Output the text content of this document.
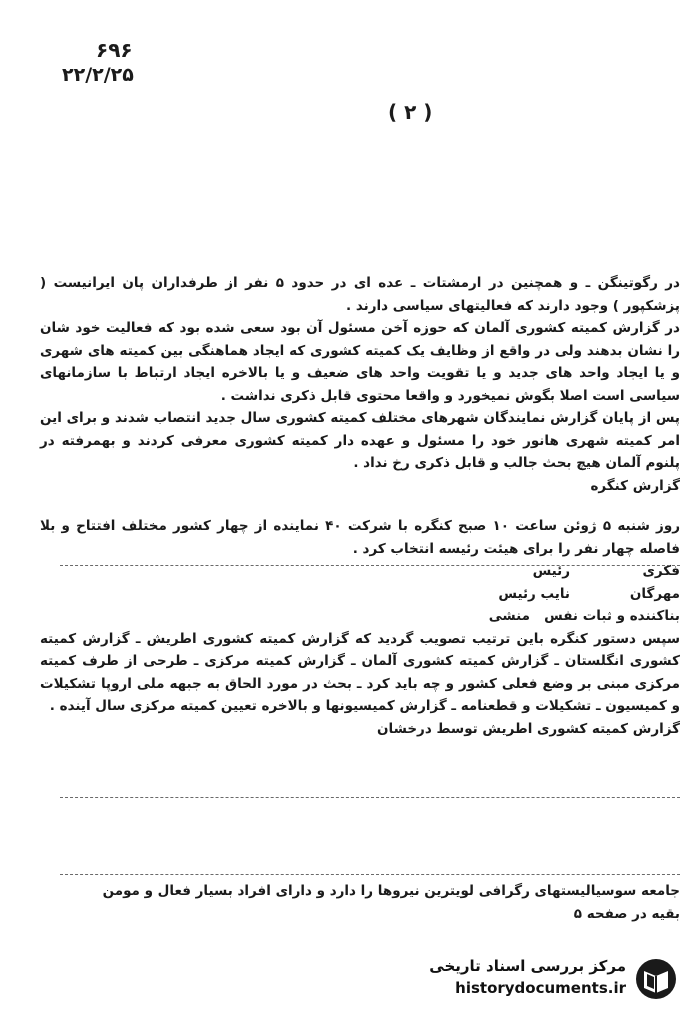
۶۹۶
۲۲/۲/۲۵
( ۲ )

در رگوتینگن ـ و همچنین در ارمشتات ـ عده ای در حدود ۵ نفر از طرفداران پان ایرانیست ( پزشکپور ) وجود دارند که فعالیتهای سیاسی دارند .

در گزارش کمیته کشوری آلمان که حوزه آخن مسئول آن بود سعی شده بود که فعالیت خود شان را نشان بدهند ولی در واقع از وظایف یک کمیته کشوری که ایجاد هماهنگی بین کمیته های شهری و یا ایجاد واحد های جدید و یا تقویت واحد های ضعیف و یا بالاخره ایجاد ارتباط با سازمانهای سیاسی است اصلا بگوش نمیخورد و واقعا محتوی قابل ذکری نداشت .

پس از پایان گزارش نمایندگان شهرهای مختلف کمیته کشوری سال جدید انتصاب شدند و برای این امر کمیته شهری هانور خود را مسئول و عهده دار کمیته کشوری معرفی کردند و بهمرفته در پلنوم آلمان هیچ بحث جالب و قابل ذکری رخ نداد .

گزارش کنگره

روز شنبه ۵ ژوئن ساعت ۱۰ صبح کنگره با شرکت ۴۰ نماینده از چهار کشور مختلف افتتاح و بلا فاصله چهار نفر را برای هیئت رئیسه انتخاب کرد .

فکری
رئیس
مهرگان
نایب رئیس
بناکننده و ثبات نفس
منشی

سپس دستور کنگره باین ترتیب تصویب گردید که گزارش کمیته کشوری اطریش ـ گزارش کمیته کشوری انگلستان ـ گزارش کمیته کشوری آلمان ـ گزارش کمیته مرکزی ـ طرحی از طرف کمیته مرکزی مبنی بر وضع فعلی کشور و چه باید کرد ـ بحث در مورد الحاق به جبهه ملی اروپا تشکیلات و کمیسیون ـ تشکیلات و قطعنامه ـ گزارش کمیسیونها و بالاخره تعیین کمیته مرکزی سال آینده .

گزارش کمیته کشوری اطریش توسط درخشان

جامعه سوسیالیستهای رگرافی لویترین نیروها را دارد و دارای افراد بسیار فعال و مومن
بقیه در صفحه ۵
مرکز بررسی اسناد تاریخی
historydocuments.ir
